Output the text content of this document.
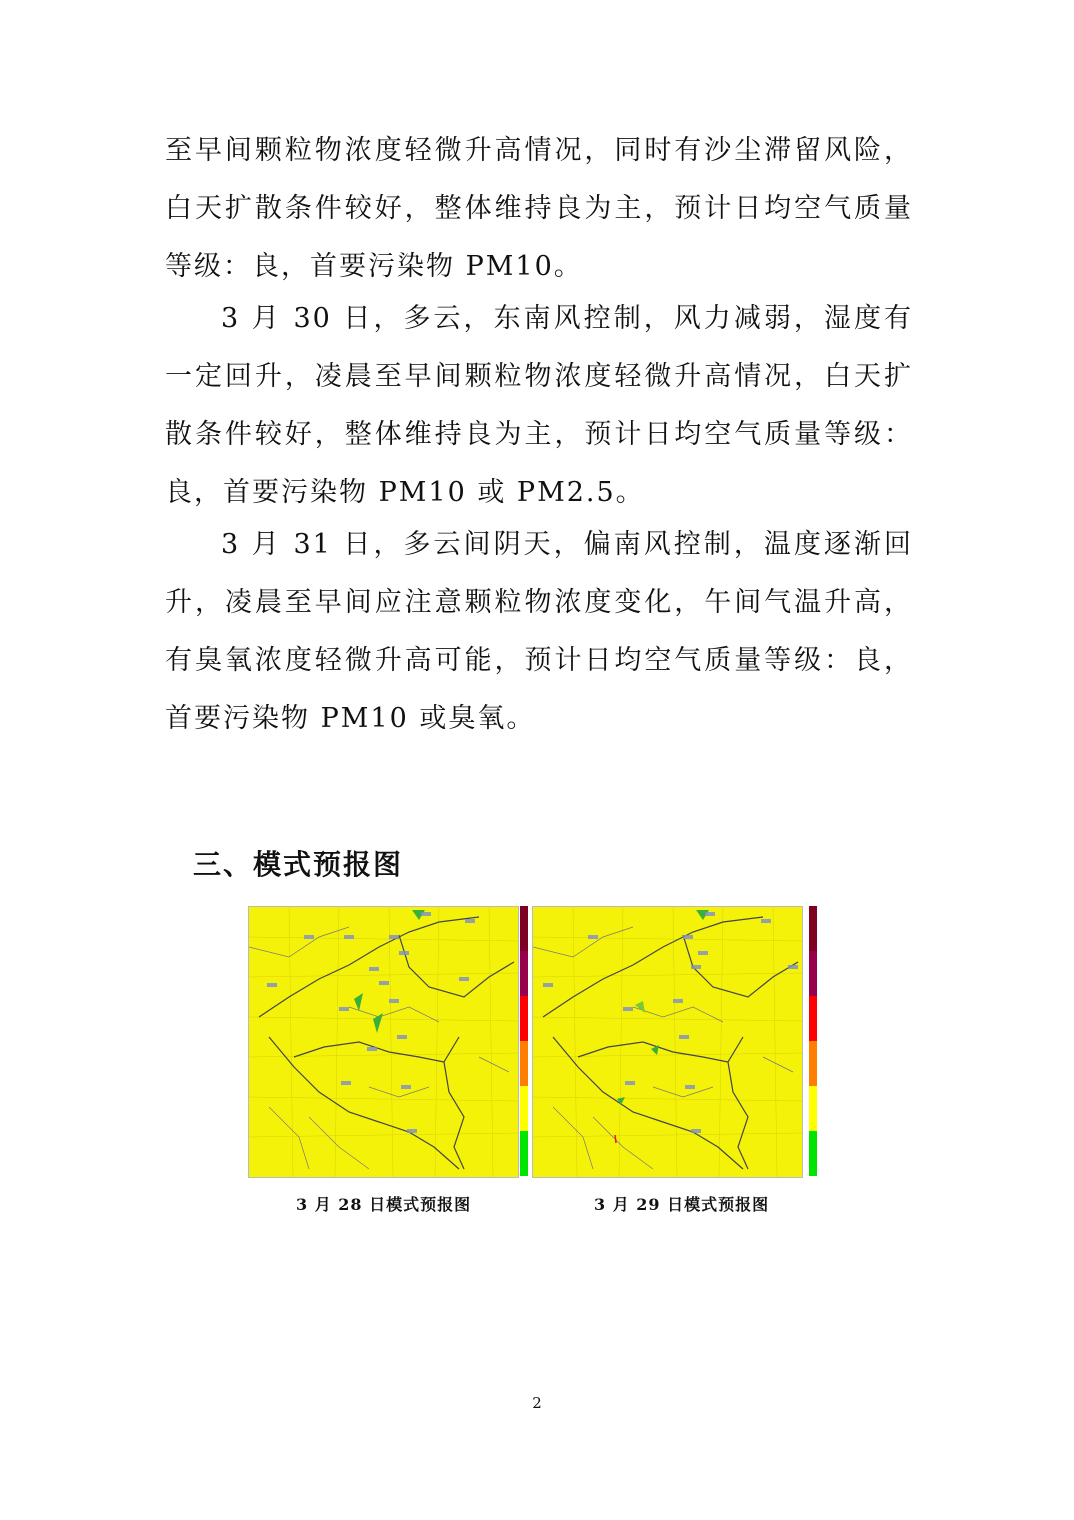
至早间颗粒物浓度轻微升高情况，同时有沙尘滞留风险，白天扩散条件较好，整体维持良为主，预计日均空气质量等级：良，首要污染物 PM10。

3 月 30 日，多云，东南风控制，风力减弱，湿度有一定回升，凌晨至早间颗粒物浓度轻微升高情况，白天扩散条件较好，整体维持良为主，预计日均空气质量等级：良，首要污染物 PM10 或 PM2.5。

3 月 31 日，多云间阴天，偏南风控制，温度逐渐回升，凌晨至早间应注意颗粒物浓度变化，午间气温升高，有臭氧浓度轻微升高可能，预计日均空气质量等级：良，首要污染物 PM10 或臭氧。

三、模式预报图

3 月 28 日模式预报图	3 月 29 日模式预报图

2
